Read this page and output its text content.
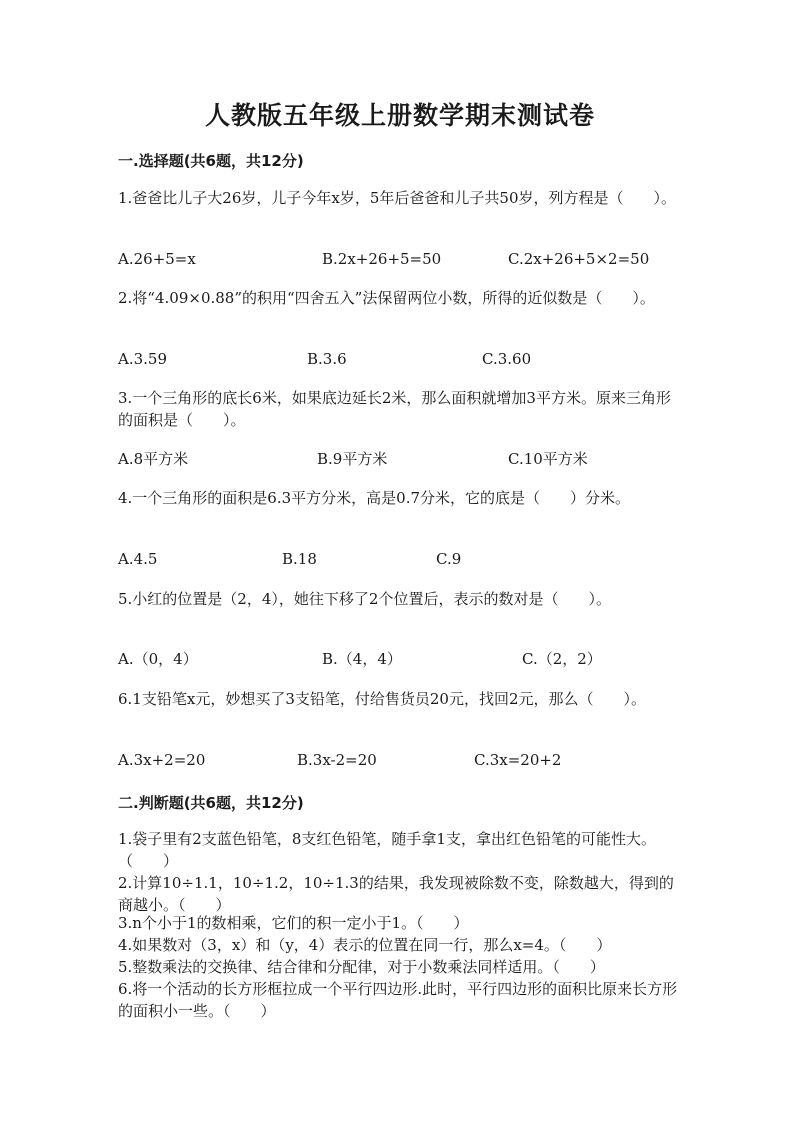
人教版五年级上册数学期末测试卷
一.选择题(共6题，共12分)
1.爸爸比儿子大26岁，儿子今年x岁，5年后爸爸和儿子共50岁，列方程是（　　）。
A.26+5=x	B.2x+26+5=50	C.2x+26+5×2=50
2.将“4.09×0.88”的积用“四舍五入”法保留两位小数，所得的近似数是（　　）。
A.3.59	B.3.6	C.3.60
3.一个三角形的底长6米，如果底边延长2米，那么面积就增加3平方米。原来三角形的面积是（　　）。
A.8平方米	B.9平方米	C.10平方米
4.一个三角形的面积是6.3平方分米，高是0.7分米，它的底是（　　）分米。
A.4.5	B.18	C.9
5.小红的位置是（2，4），她往下移了2个位置后，表示的数对是（　　）。
A.（0，4）	B.（4，4）	C.（2，2）
6.1支铅笔x元，妙想买了3支铅笔，付给售货员20元，找回2元，那么（　　）。
A.3x+2=20	B.3x-2=20	C.3x=20+2
二.判断题(共6题，共12分)
1.袋子里有2支蓝色铅笔，8支红色铅笔，随手拿1支，拿出红色铅笔的可能性大。（　　）
2.计算10÷1.1，10÷1.2，10÷1.3的结果，我发现被除数不变，除数越大，得到的商越小。（　　）
3.n个小于1的数相乘，它们的积一定小于1。（　　）
4.如果数对（3，x）和（y，4）表示的位置在同一行，那么x=4。（　　）
5.整数乘法的交换律、结合律和分配律，对于小数乘法同样适用。（　　）
6.将一个活动的长方形框拉成一个平行四边形.此时，平行四边形的面积比原来长方形的面积小一些。（　　）
